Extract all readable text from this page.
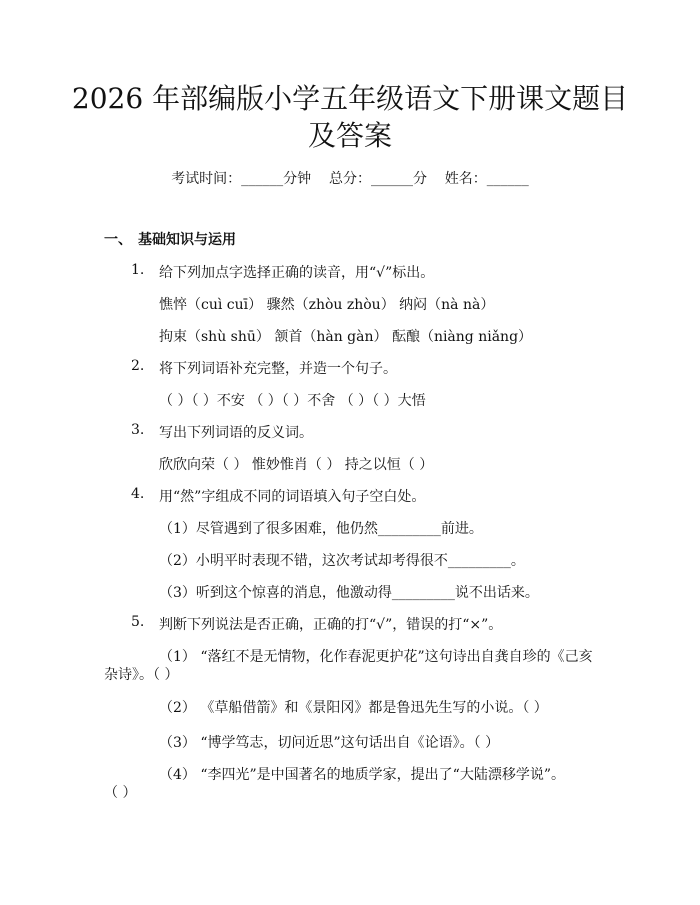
2026 年部编版小学五年级语文下册课文题目
及答案
考试时间：______分钟    总分：______分    姓名：______
一、 基础知识与运用
1. 给下列加点字选择正确的读音，用“√”标出。
憔悴（cuì cuī） 骤然（zhòu zhòu） 纳闷（nà nà）
拘束（shù shū） 颔首（hàn gàn） 酝酿（niàng niǎng）
2. 将下列词语补充完整，并造一个句子。
（ ）（ ）不安 （ ）（ ）不舍 （ ）（ ）大悟
3. 写出下列词语的反义词。
欣欣向荣（ ） 惟妙惟肖（ ） 持之以恒（ ）
4. 用“然”字组成不同的词语填入句子空白处。
（1）尽管遇到了很多困难，他仍然_________前进。
（2）小明平时表现不错，这次考试却考得很不_________。
（3）听到这个惊喜的消息，他激动得_________说不出话来。
5. 判断下列说法是否正确，正确的打“√”，错误的打“×”。
（1） “落红不是无情物，化作春泥更护花”这句诗出自龚自珍的《己亥
杂诗》。（ ）
（2） 《草船借箭》和《景阳冈》都是鲁迅先生写的小说。（ ）
（3） “博学笃志，切问近思”这句话出自《论语》。（ ）
（4） “李四光”是中国著名的地质学家，提出了“大陆漂移学说”。
（ ）
